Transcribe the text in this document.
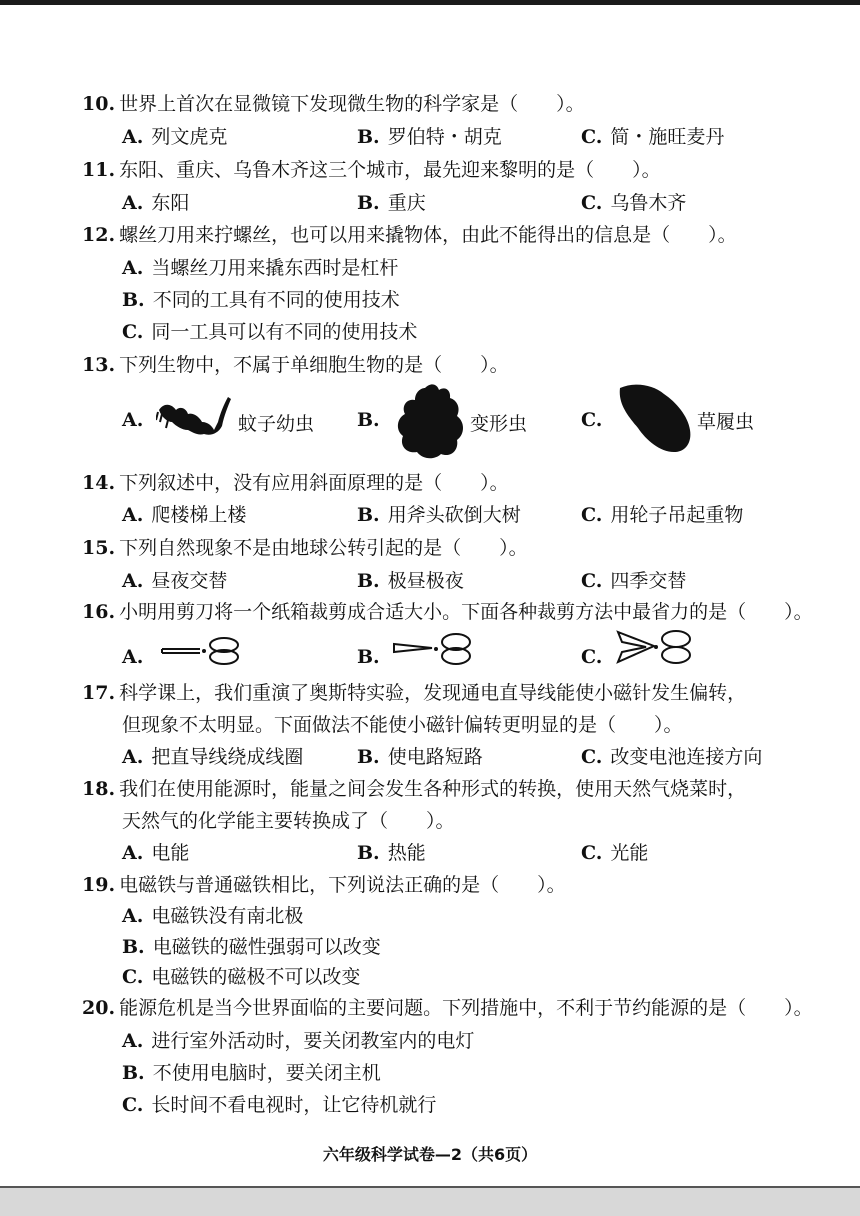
10. 世界上首次在显微镜下发现微生物的科学家是（　　）。
A. 列文虎克	B. 罗伯特・胡克	C. 简・施旺麦丹
11. 东阳、重庆、乌鲁木齐这三个城市，最先迎来黎明的是（　　）。
A. 东阳	B. 重庆	C. 乌鲁木齐
12. 螺丝刀用来拧螺丝，也可以用来撬物体，由此不能得出的信息是（　　）。
A. 当螺丝刀用来撬东西时是杠杆
B. 不同的工具有不同的使用技术
C. 同一工具可以有不同的使用技术
13. 下列生物中，不属于单细胞生物的是（　　）。
A.	蚊子幼虫 B.	变形虫	C.	草履虫
14. 下列叙述中，没有应用斜面原理的是（　　）。
A. 爬楼梯上楼	B. 用斧头砍倒大树	C. 用轮子吊起重物
15. 下列自然现象不是由地球公转引起的是（　　）。
A. 昼夜交替	B. 极昼极夜	C. 四季交替
16. 小明用剪刀将一个纸箱裁剪成合适大小。下面各种裁剪方法中最省力的是（　　）。
A.	B.	C.
17. 科学课上，我们重演了奥斯特实验，发现通电直导线能使小磁针发生偏转，
但现象不太明显。下面做法不能使小磁针偏转更明显的是（　　）。
A. 把直导线绕成线圈	B. 使电路短路	C. 改变电池连接方向
18. 我们在使用能源时，能量之间会发生各种形式的转换，使用天然气烧菜时，
天然气的化学能主要转换成了（　　）。
A. 电能	B. 热能	C. 光能
19. 电磁铁与普通磁铁相比，下列说法正确的是（　　）。
A. 电磁铁没有南北极
B. 电磁铁的磁性强弱可以改变
C. 电磁铁的磁极不可以改变
20. 能源危机是当今世界面临的主要问题。下列措施中，不利于节约能源的是（　　）。
A. 进行室外活动时，要关闭教室内的电灯
B. 不使用电脑时，要关闭主机
C. 长时间不看电视时，让它待机就行
六年级科学试卷—2（共6页）
